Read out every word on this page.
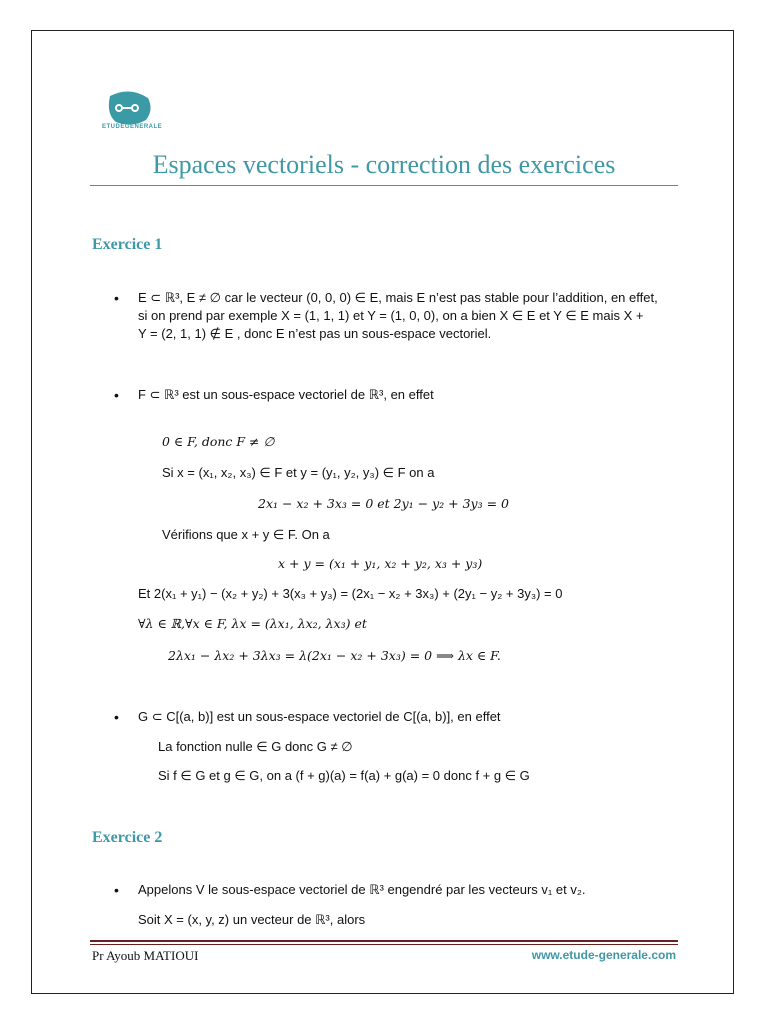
ETUDEGENERALE
Espaces vectoriels - correction des exercices
Exercice 1
• E ⊂ ℝ³, E ≠ ∅ car le vecteur (0, 0, 0) ∈ E, mais E n’est pas stable pour l’addition, en effet,
si on prend par exemple X = (1, 1, 1) et Y = (1, 0, 0), on a bien X ∈ E et Y ∈ E mais X +
Y = (2, 1, 1) ∉ E , donc E n’est pas un sous-espace vectoriel.
• F ⊂ ℝ³ est un sous-espace vectoriel de ℝ³, en effet
0 ∈ F, donc F ≠ ∅
Si x = (x₁, x₂, x₃) ∈ F et y = (y₁, y₂, y₃) ∈ F on a
2x₁ − x₂ + 3x₃ = 0 et 2y₁ − y₂ + 3y₃ = 0
Vérifions que x + y ∈ F. On a
x + y = (x₁ + y₁, x₂ + y₂, x₃ + y₃)
Et 2(x₁ + y₁) − (x₂ + y₂) + 3(x₃ + y₃) = (2x₁ − x₂ + 3x₃) + (2y₁ − y₂ + 3y₃) = 0
∀λ ∈ ℝ,∀x ∈ F, λx = (λx₁, λx₂, λx₃) et
2λx₁ − λx₂ + 3λx₃ = λ(2x₁ − x₂ + 3x₃) = 0 ⟹ λx ∈ F.
• G ⊂ C[(a, b)] est un sous-espace vectoriel de C[(a, b)], en effet
La fonction nulle ∈ G donc G ≠ ∅
Si f ∈ G et g ∈ G, on a (f + g)(a) = f(a) + g(a) = 0 donc f + g ∈ G
Exercice 2
• Appelons V le sous-espace vectoriel de ℝ³ engendré par les vecteurs v₁ et v₂.
Soit X = (x, y, z) un vecteur de ℝ³, alors
Pr Ayoub MATIOUI	www.etude-generale.com
